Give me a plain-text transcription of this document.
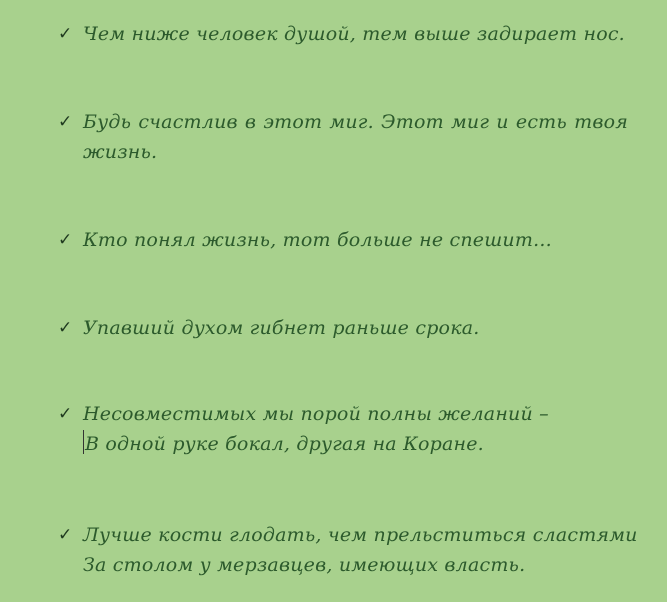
✓ Чем ниже человек душой, тем выше задирает нос.
✓ Будь счастлив в этот миг. Этот миг и есть твоя жизнь.
✓ Кто понял жизнь, тот больше не спешит...
✓ Упавший духом гибнет раньше срока.
✓ Несовместимых мы порой полны желаний –
В одной руке бокал, другая на Коране.
✓ Лучше кости глодать, чем прельститься сластями
За столом у мерзавцев, имеющих власть.
